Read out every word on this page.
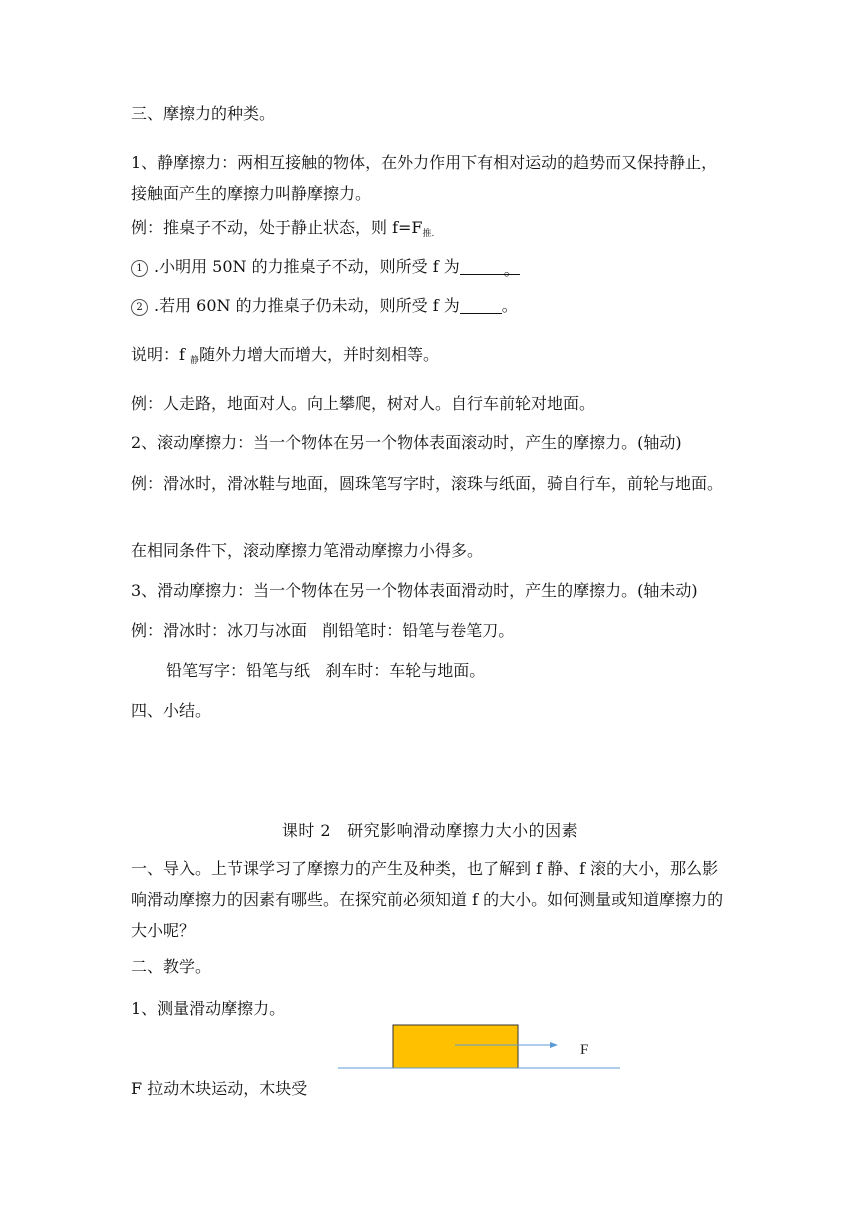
三、摩擦力的种类。
1、静摩擦力：两相互接触的物体，在外力作用下有相对运动的趋势而又保持静止，接触面产生的摩擦力叫静摩擦力。
例：推桌子不动，处于静止状态，则 $f=F_{推.}$
1 .小明用 50N 的力推桌子不动，则所受 f 为	。
2 .若用 60N 的力推桌子仍未动，则所受 f 为	。
说明：f $_静$随外力增大而增大，并时刻相等。
例：人走路，地面对人。向上攀爬，树对人。自行车前轮对地面。
2、滚动摩擦力：当一个物体在另一个物体表面滚动时，产生的摩擦力。(轴动)
例：滑冰时，滑冰鞋与地面，圆珠笔写字时，滚珠与纸面，骑自行车，前轮与地面。
在相同条件下，滚动摩擦力笔滑动摩擦力小得多。
3、滑动摩擦力：当一个物体在另一个物体表面滑动时，产生的摩擦力。(轴未动)
例：滑冰时：冰刀与冰面   削铅笔时：铅笔与卷笔刀。
铅笔写字：铅笔与纸   刹车时：车轮与地面。
四、小结。
课时 2 研究影响滑动摩擦力大小的因素
一、导入。上节课学习了摩擦力的产生及种类，也了解到 f 静、f 滚的大小，那么影响滑动摩擦力的因素有哪些。在探究前必须知道 f 的大小。如何测量或知道摩擦力的大小呢？
二、教学。
1、测量滑动摩擦力。
F
F 拉动木块运动，木块受
